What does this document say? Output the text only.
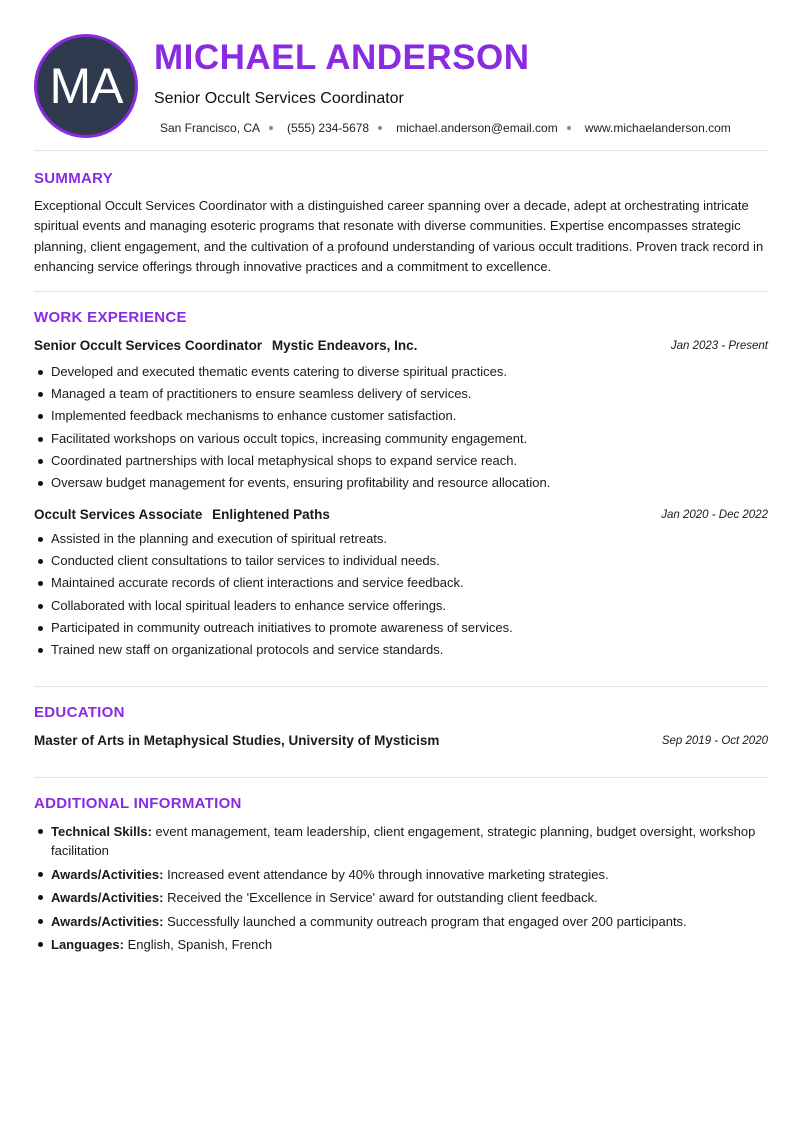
MA
MICHAEL ANDERSON
Senior Occult Services Coordinator
San Francisco, CA (555) 234-5678 michael.anderson@email.com www.michaelanderson.com
SUMMARY

Exceptional Occult Services Coordinator with a distinguished career spanning over a decade, adept at orchestrating intricate spiritual events and managing esoteric programs that resonate with diverse communities. Expertise encompasses strategic planning, client engagement, and the cultivation of a profound understanding of various occult traditions. Proven track record in enhancing service offerings through innovative practices and a commitment to excellence.

WORK EXPERIENCE
Senior Occult Services Coordinator Mystic Endeavors, Inc.	Jan 2023 - Present
Developed and executed thematic events catering to diverse spiritual practices.
Managed a team of practitioners to ensure seamless delivery of services.
Implemented feedback mechanisms to enhance customer satisfaction.
Facilitated workshops on various occult topics, increasing community engagement.
Coordinated partnerships with local metaphysical shops to expand service reach.
Oversaw budget management for events, ensuring profitability and resource allocation.
Occult Services Associate Enlightened Paths	Jan 2020 - Dec 2022
Assisted in the planning and execution of spiritual retreats.
Conducted client consultations to tailor services to individual needs.
Maintained accurate records of client interactions and service feedback.
Collaborated with local spiritual leaders to enhance service offerings.
Participated in community outreach initiatives to promote awareness of services.
Trained new staff on organizational protocols and service standards.
EDUCATION
Master of Arts in Metaphysical Studies, University of Mysticism	Sep 2019 - Oct 2020
ADDITIONAL INFORMATION
Technical Skills: event management, team leadership, client engagement, strategic planning, budget oversight, workshop facilitation
Awards/Activities: Increased event attendance by 40% through innovative marketing strategies.
Awards/Activities: Received the 'Excellence in Service' award for outstanding client feedback.
Awards/Activities: Successfully launched a community outreach program that engaged over 200 participants.
Languages: English, Spanish, French
